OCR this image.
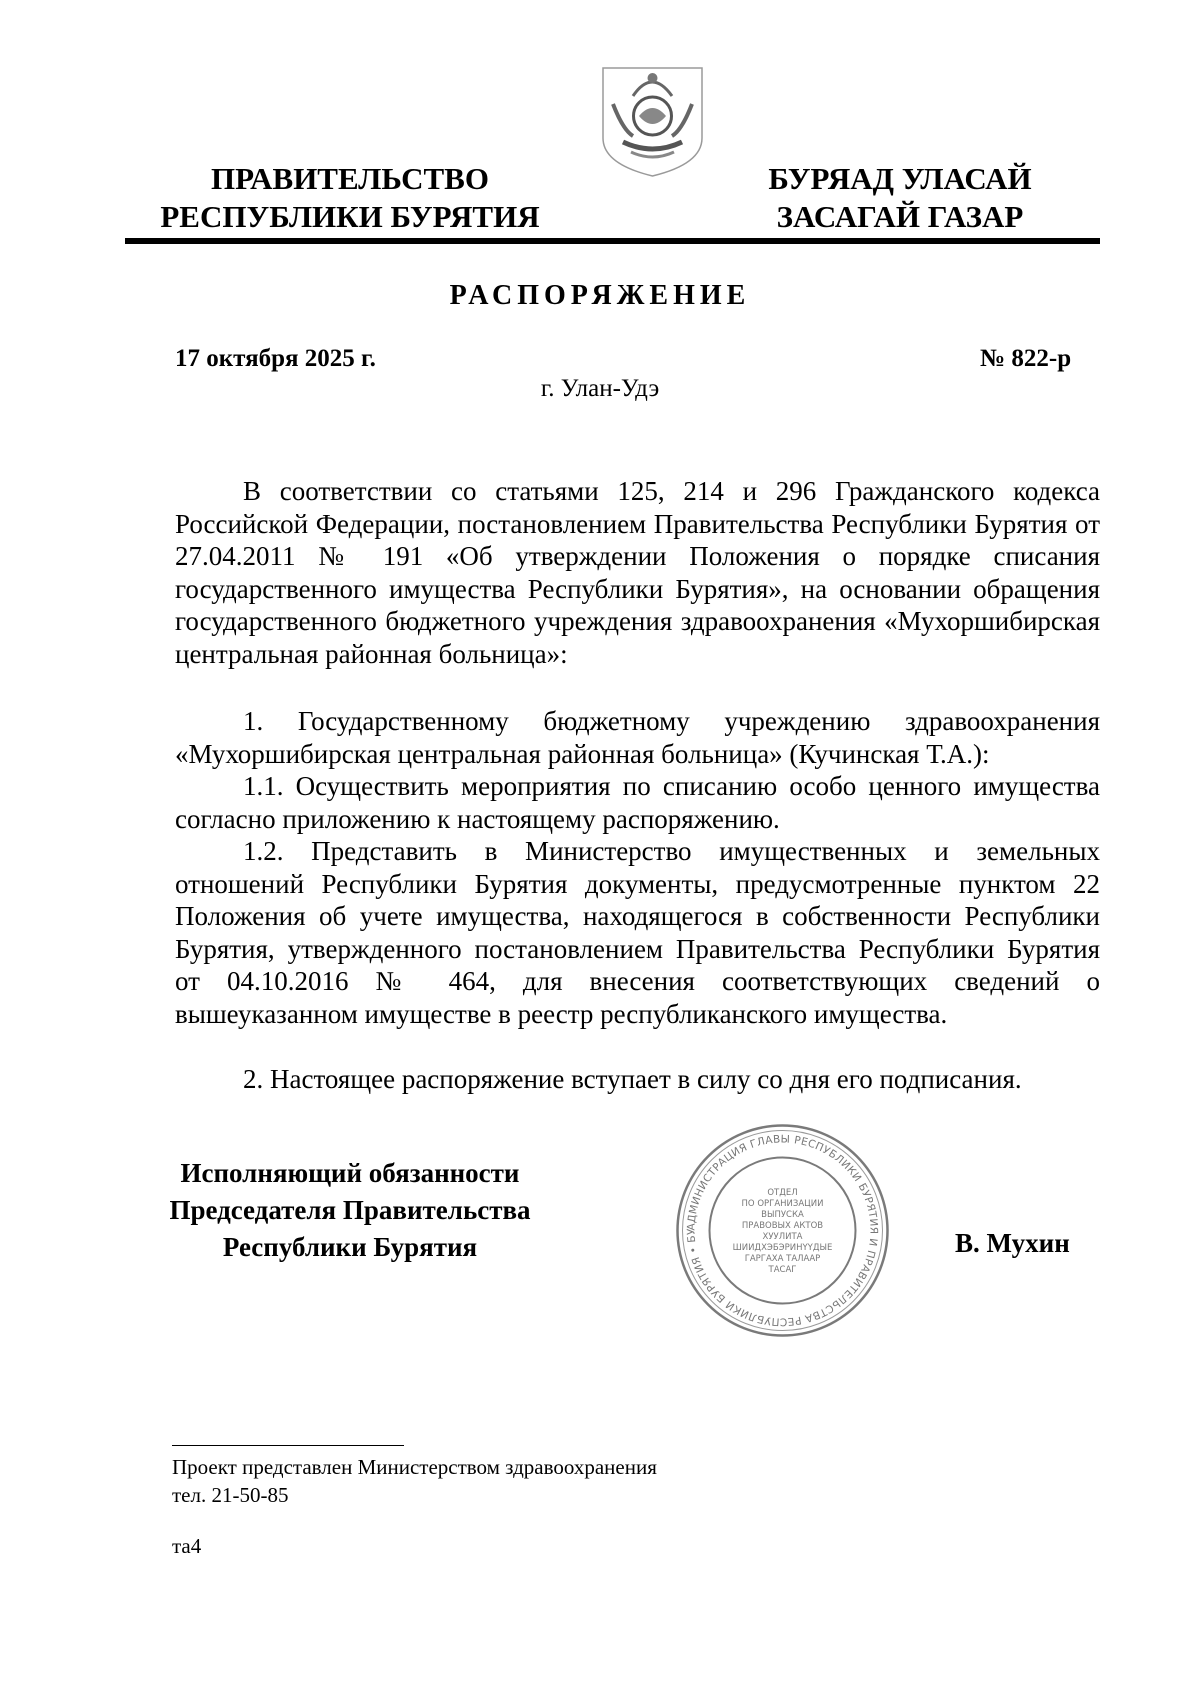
ПРАВИТЕЛЬСТВО
РЕСПУБЛИКИ БУРЯТИЯ
БУРЯАД УЛАСАЙ
ЗАСАГАЙ ГАЗАР
РАСПОРЯЖЕНИЕ
17 октября 2025 г.	№ 822-р
г. Улан-Удэ
В соответствии со статьями 125, 214 и 296 Гражданского кодекса Российской Федерации, постановлением Правительства Республики Бурятия от 27.04.2011 № 191 «Об утверждении Положения о порядке списания государственного имущества Республики Бурятия», на основании обращения государственного бюджетного учреждения здравоохранения «Мухоршибирская центральная районная больница»:
1. Государственному бюджетному учреждению здравоохранения «Мухоршибирская центральная районная больница» (Кучинская Т.А.):
1.1. Осуществить мероприятия по списанию особо ценного имущества согласно приложению к настоящему распоряжению.
1.2. Представить в Министерство имущественных и земельных отношений Республики Бурятия документы, предусмотренные пунктом 22 Положения об учете имущества, находящегося в собственности Республики Бурятия, утвержденного постановлением Правительства Республики Бурятия от 04.10.2016 № 464, для внесения соответствующих сведений о вышеуказанном имуществе в реестр республиканского имущества.
2. Настоящее распоряжение вступает в силу со дня его подписания.
Исполняющий обязанности
Председателя Правительства
Республики Бурятия
АДМИНИСТРАЦИЯ ГЛАВЫ РЕСПУБЛИКИ БУРЯТИЯ И ПРАВИТЕЛЬСТВА РЕСПУБЛИКИ БУРЯТИЯ • БУ
ОТДЕЛ
ПО ОРГАНИЗАЦИИ
ВЫПУСКА
ПРАВОВЫХ АКТОВ
ХУУЛИТА
ШИИДХЭБЭРИНҮҮДЫЕ
ГАРГАХА ТАЛААР
ТАСАГ
В. Мухин
Проект представлен Министерством здравоохранения
тел. 21-50-85
та4
